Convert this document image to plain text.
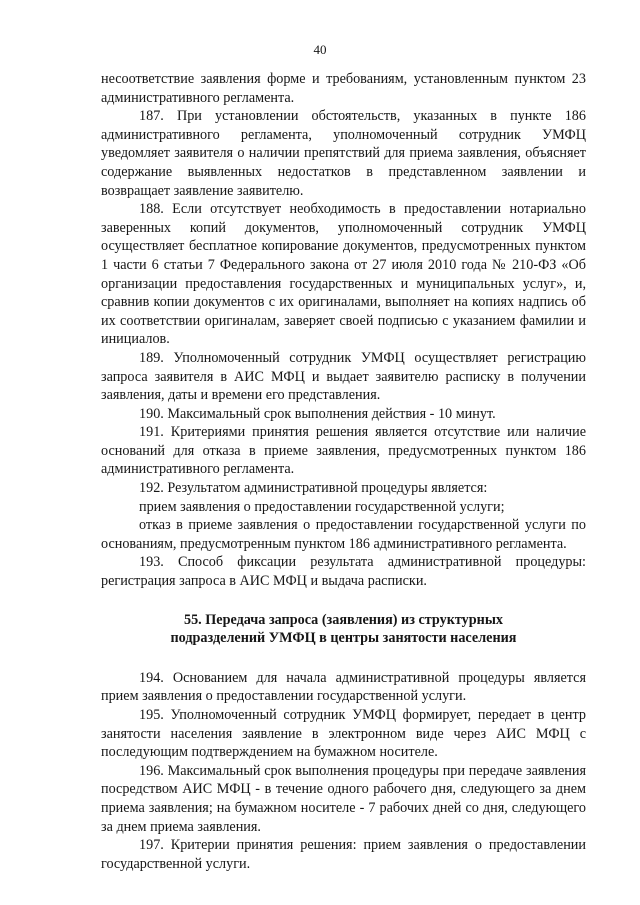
40

несоответствие заявления форме и требованиям, установленным пунктом 23 административного регламента.

187. При установлении обстоятельств, указанных в пункте 186 административного регламента, уполномоченный сотрудник УМФЦ уведомляет заявителя о наличии препятствий для приема заявления, объясняет содержание выявленных недостатков в представленном заявлении и возвращает заявление заявителю.

188. Если отсутствует необходимость в предоставлении нотариально заверенных копий документов, уполномоченный сотрудник УМФЦ осуществляет бесплатное копирование документов, предусмотренных пунктом 1 части 6 статьи 7 Федерального закона от 27 июля 2010 года № 210-ФЗ «Об организации предоставления государственных и муниципальных услуг», и, сравнив копии документов с их оригиналами, выполняет на копиях надпись об их соответствии оригиналам, заверяет своей подписью с указанием фамилии и инициалов.

189. Уполномоченный сотрудник УМФЦ осуществляет регистрацию запроса заявителя в АИС МФЦ и выдает заявителю расписку в получении заявления, даты и времени его представления.

190. Максимальный срок выполнения действия - 10 минут.

191. Критериями принятия решения является отсутствие или наличие оснований для отказа в приеме заявления, предусмотренных пунктом 186 административного регламента.

192. Результатом административной процедуры является:

прием заявления о предоставлении государственной услуги;

отказ в приеме заявления о предоставлении государственной услуги по основаниям, предусмотренным пунктом 186 административного регламента.

193. Способ фиксации результата административной процедуры: регистрация запроса в АИС МФЦ и выдача расписки.

55. Передача запроса (заявления) из структурных
подразделений УМФЦ в центры занятости населения

194. Основанием для начала административной процедуры является прием заявления о предоставлении государственной услуги.

195. Уполномоченный сотрудник УМФЦ формирует, передает в центр занятости населения заявление в электронном виде через АИС МФЦ с последующим подтверждением на бумажном носителе.

196. Максимальный срок выполнения процедуры при передаче заявления посредством АИС МФЦ - в течение одного рабочего дня, следующего за днем приема заявления; на бумажном носителе - 7 рабочих дней со дня, следующего за днем приема заявления.

197. Критерии принятия решения: прием заявления о предоставлении государственной услуги.
